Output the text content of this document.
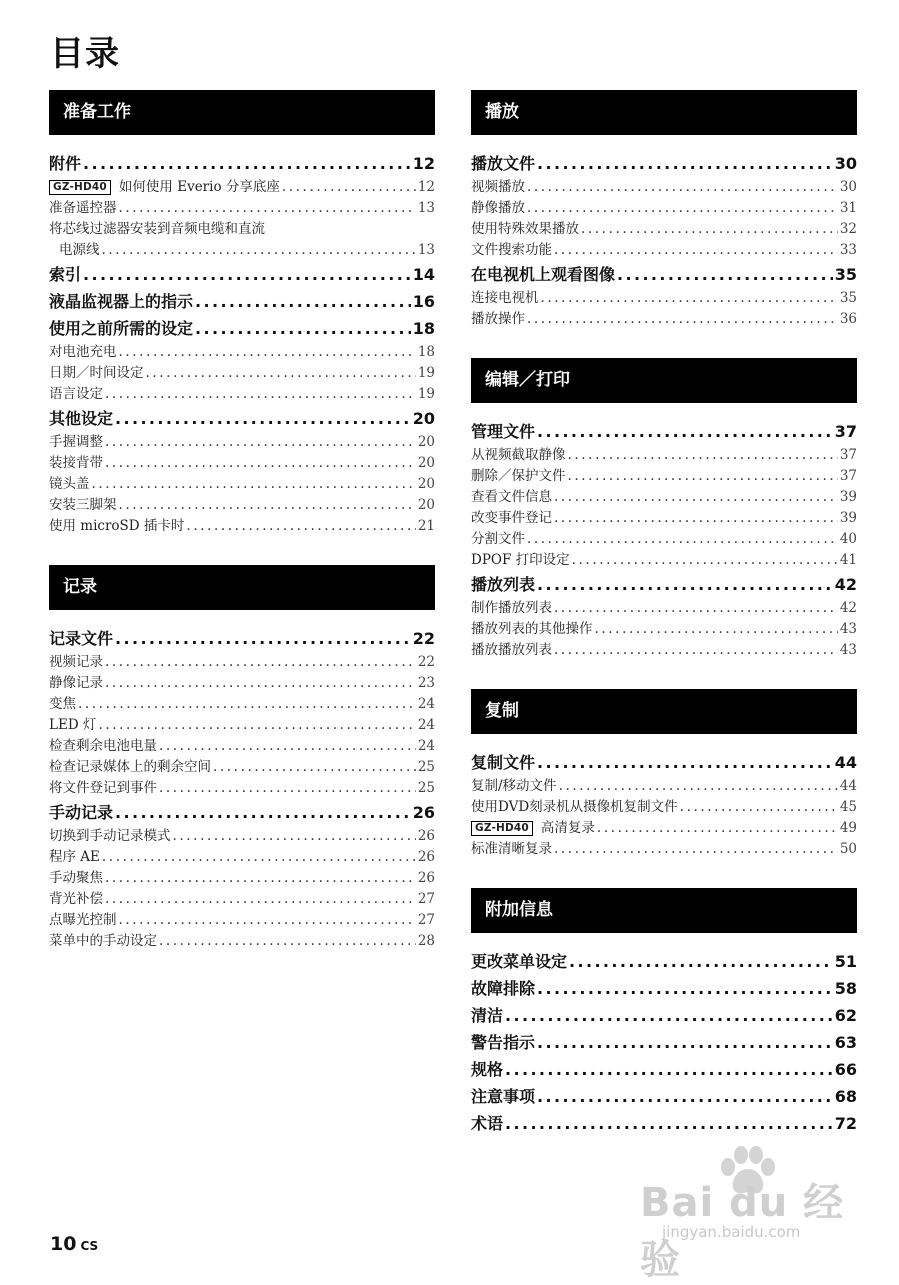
目录
准备工作
附件 .....	12
GZ-HD40 如何使用 Everio 分享底座 .....	12
准备遥控器 .....	13
将芯线过滤器安装到音频电缆和直流
电源线 .....	13
索引 .....	14
液晶监视器上的指示 .....	16
使用之前所需的设定 .....	18
对电池充电 .....	18
日期／时间设定 .....	19
语言设定 .....	19
其他设定 .....	20
手握调整 .....	20
装接背带 .....	20
镜头盖 .....	20
安装三脚架 .....	20
使用 microSD 插卡时 .....	21
记录
记录文件 .....	22
视频记录 .....	22
静像记录 .....	23
变焦 .....	24
LED 灯 .....	24
检查剩余电池电量 .....	24
检查记录媒体上的剩余空间 .....	25
将文件登记到事件 .....	25
手动记录 .....	26
切换到手动记录模式 .....	26
程序 AE .....	26
手动聚焦 .....	26
背光补偿 .....	27
点曝光控制 .....	27
菜单中的手动设定 .....	28
播放
播放文件 .....	30
视频播放 .....	30
静像播放 .....	31
使用特殊效果播放 .....	32
文件搜索功能 .....	33
在电视机上观看图像 .....	35
连接电视机 .....	35
播放操作 .....	36
编辑／打印
管理文件 .....	37
从视频截取静像 .....	37
删除／保护文件 .....	37
查看文件信息 .....	39
改变事件登记 .....	39
分割文件 .....	40
DPOF 打印设定 .....	41
播放列表 .....	42
制作播放列表 .....	42
播放列表的其他操作 .....	43
播放播放列表 .....	43
复制
复制文件 .....	44
复制/移动文件 .....	44
使用DVD刻录机从摄像机复制文件 .....	45
GZ-HD40 高清复录 .....	49
标准清晰复录 .....	50
附加信息
更改菜单设定 .....	51
故障排除 .....	58
清洁 .....	62
警告指示 .....	63
规格 .....	66
注意事项 .....	68
术语 .....	72
10 CS
Bai du 经验
jingyan.baidu.com
